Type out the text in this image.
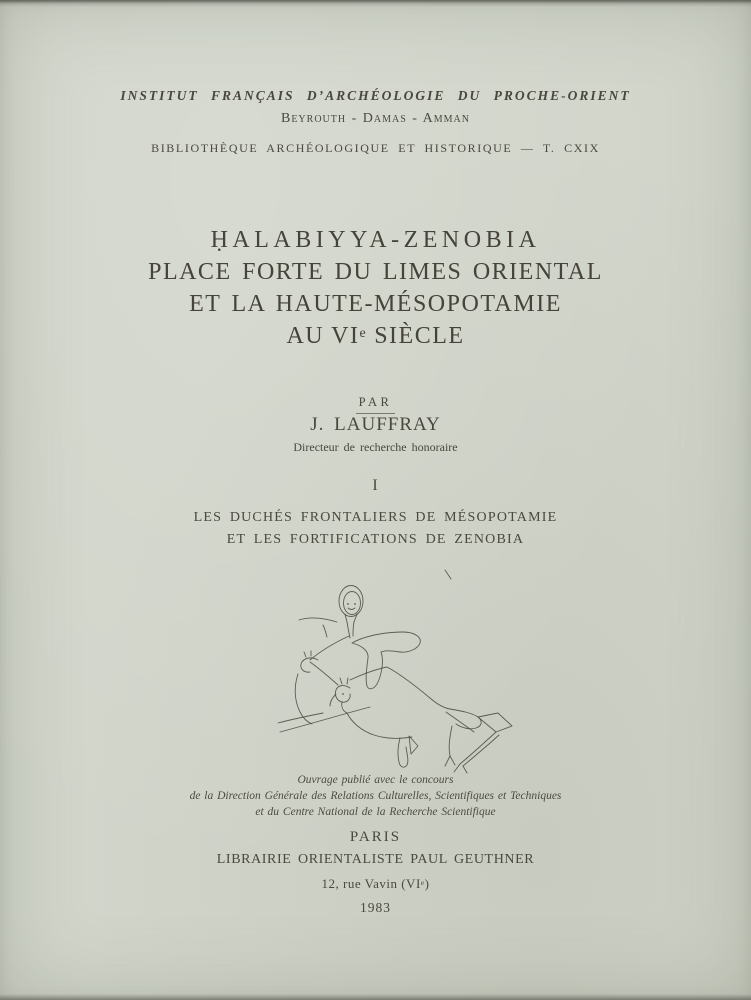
INSTITUT FRANÇAIS D’ARCHÉOLOGIE DU PROCHE-ORIENT
Beyrouth - Damas - Amman
BIBLIOTHÈQUE ARCHÉOLOGIQUE ET HISTORIQUE — T. CXIX
ḤALABIYYA-ZENOBIA
PLACE FORTE DU LIMES ORIENTAL
ET LA HAUTE-MÉSOPOTAMIE
AU VIe SIÈCLE
PAR
J. LAUFFRAY
Directeur de recherche honoraire
I
LES DUCHÉS FRONTALIERS DE MÉSOPOTAMIE
ET LES FORTIFICATIONS DE ZENOBIA
Ouvrage publié avec le concours
de la Direction Générale des Relations Culturelles, Scientifiques et Techniques
et du Centre National de la Recherche Scientifique
PARIS
LIBRAIRIE ORIENTALISTE PAUL GEUTHNER
12, rue Vavin (VIe)
1983
